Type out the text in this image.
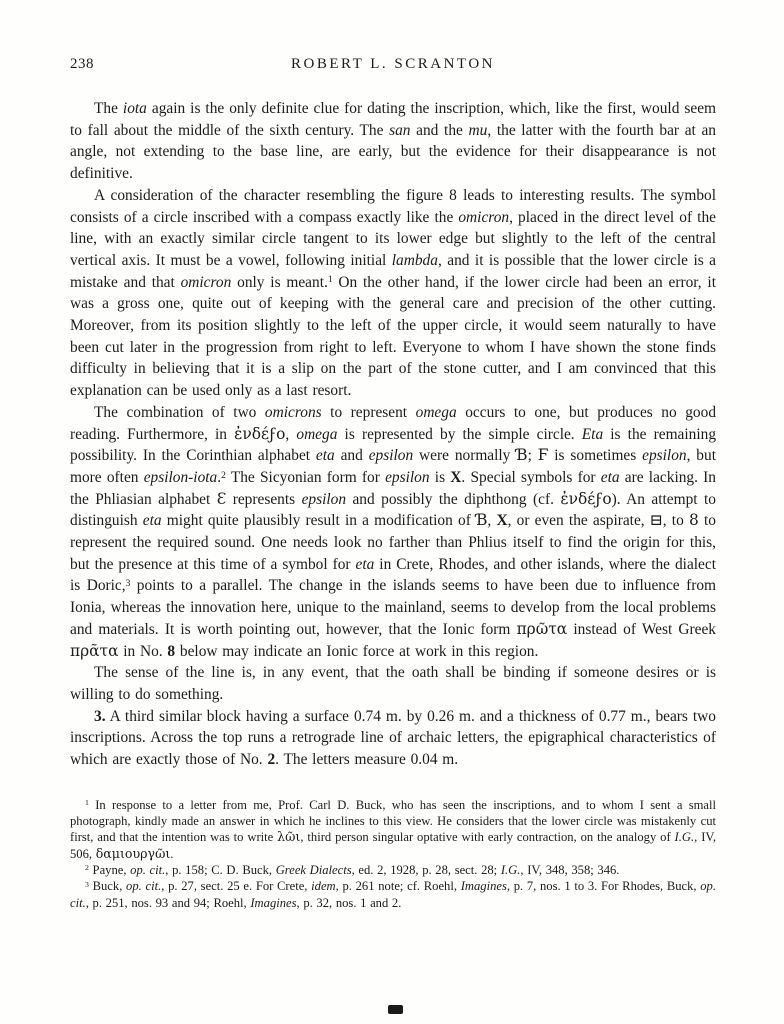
238	ROBERT L. SCRANTON

The iota again is the only definite clue for dating the inscription, which, like the first, would seem to fall about the middle of the sixth century. The san and the mu, the latter with the fourth bar at an angle, not extending to the base line, are early, but the evidence for their disappearance is not definitive.

A consideration of the character resembling the figure 8 leads to interesting results. The symbol consists of a circle inscribed with a compass exactly like the omicron, placed in the direct level of the line, with an exactly similar circle tangent to its lower edge but slightly to the left of the central vertical axis. It must be a vowel, following initial lambda, and it is possible that the lower circle is a mistake and that omicron only is meant.$^1$ On the other hand, if the lower circle had been an error, it was a gross one, quite out of keeping with the general care and precision of the other cutting. Moreover, from its position slightly to the left of the upper circle, it would seem naturally to have been cut later in the progression from right to left. Everyone to whom I have shown the stone finds difficulty in believing that it is a slip on the part of the stone cutter, and I am convinced that this explanation can be used only as a last resort.

The combination of two omicrons to represent omega occurs to one, but produces no good reading. Furthermore, in ἐνδέϝο, omega is represented by the simple circle. Eta is the remaining possibility. In the Corinthian alphabet eta and epsilon were normally Ɓ; Ϝ is sometimes epsilon, but more often epsilon-iota.$^2$ The Sicyonian form for epsilon is X. Special symbols for eta are lacking. In the Phliasian alphabet Ɛ represents epsilon and possibly the diphthong (cf. ἐνδέϝο). An attempt to distinguish eta might quite plausibly result in a modification of Ɓ, X, or even the aspirate, ⊟, to 8 to represent the required sound. One needs look no farther than Phlius itself to find the origin for this, but the presence at this time of a symbol for eta in Crete, Rhodes, and other islands, where the dialect is Doric,$^3$ points to a parallel. The change in the islands seems to have been due to influence from Ionia, whereas the innovation here, unique to the mainland, seems to develop from the local problems and materials. It is worth pointing out, however, that the Ionic form πρῶτα instead of West Greek πρᾶτα in No. 8 below may indicate an Ionic force at work in this region.

The sense of the line is, in any event, that the oath shall be binding if someone desires or is willing to do something.

3. A third similar block having a surface 0.74 m. by 0.26 m. and a thickness of 0.77 m., bears two inscriptions. Across the top runs a retrograde line of archaic letters, the epigraphical characteristics of which are exactly those of No. 2. The letters measure 0.04 m.

$^1$ In response to a letter from me, Prof. Carl D. Buck, who has seen the inscriptions, and to whom I sent a small photograph, kindly made an answer in which he inclines to this view. He considers that the lower circle was mistakenly cut first, and that the intention was to write λῶι, third person singular optative with early contraction, on the analogy of I.G., IV, 506, δαμιουργῶι.

$^2$ Payne, op. cit., p. 158; C. D. Buck, Greek Dialects, ed. 2, 1928, p. 28, sect. 28; I.G., IV, 348, 358; 346.

$^3$ Buck, op. cit., p. 27, sect. 25 e. For Crete, idem, p. 261 note; cf. Roehl, Imagines, p. 7, nos. 1 to 3. For Rhodes, Buck, op. cit., p. 251, nos. 93 and 94; Roehl, Imagines, p. 32, nos. 1 and 2.
